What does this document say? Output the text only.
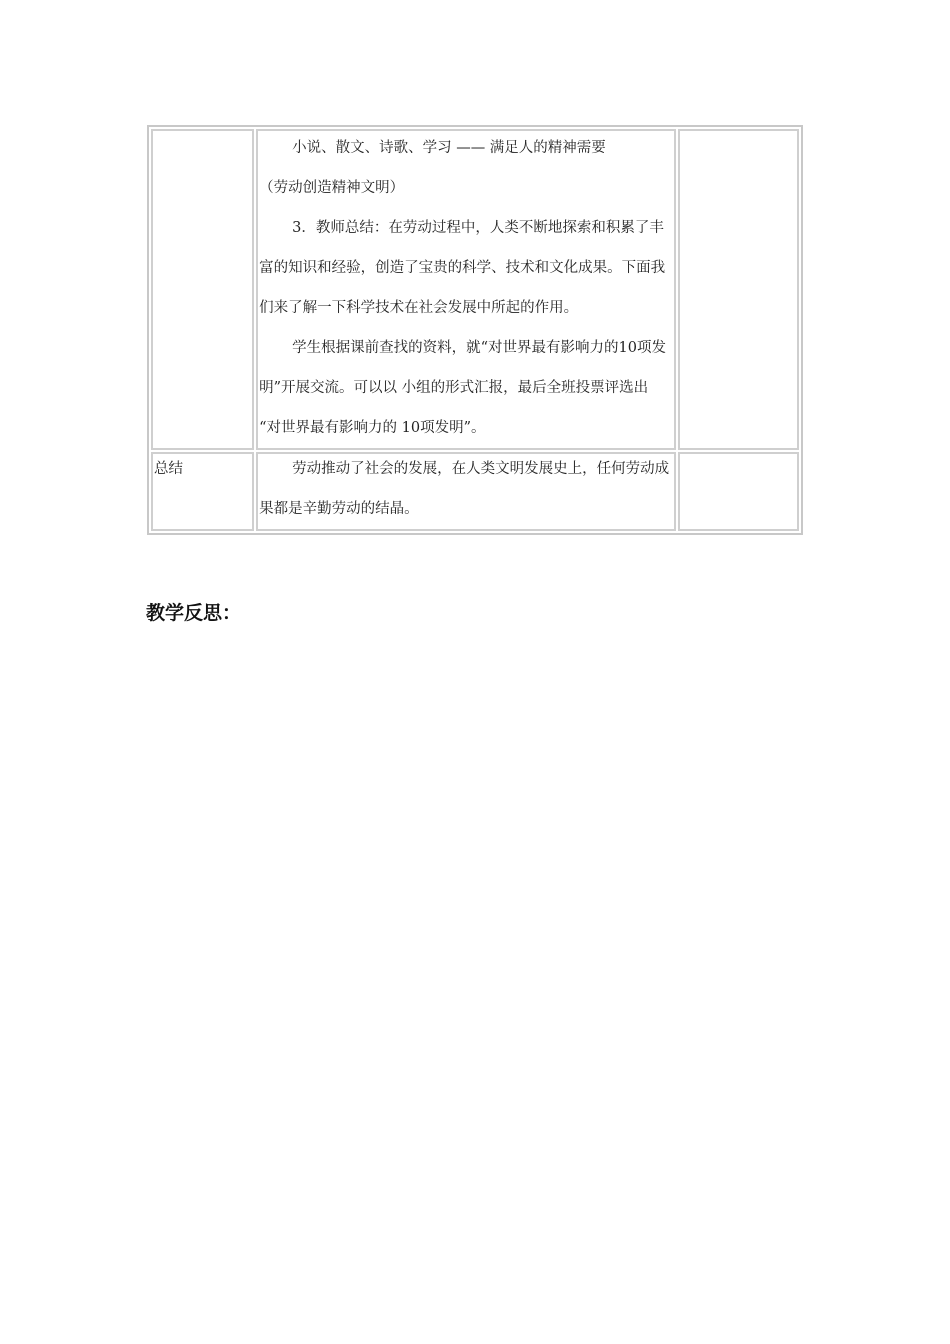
	小说、散文、诗歌、学习 —— 满足人的精神需要

（劳动创造精神文明）

3．教师总结：在劳动过程中，人类不断地探索和积累了丰富的知识和经验，创造了宝贵的科学、技术和文化成果。下面我们来了解一下科学技术在社会发展中所起的作用。

学生根据课前查找的资料，就“对世界最有影响力的10项发明”开展交流。可以以 小组的形式汇报，最后全班投票评选出 “对世界最有影响力的 10项发明”。	

总结	劳动推动了社会的发展，在人类文明发展史上，任何劳动成果都是辛勤劳动的结晶。	

教学反思：
